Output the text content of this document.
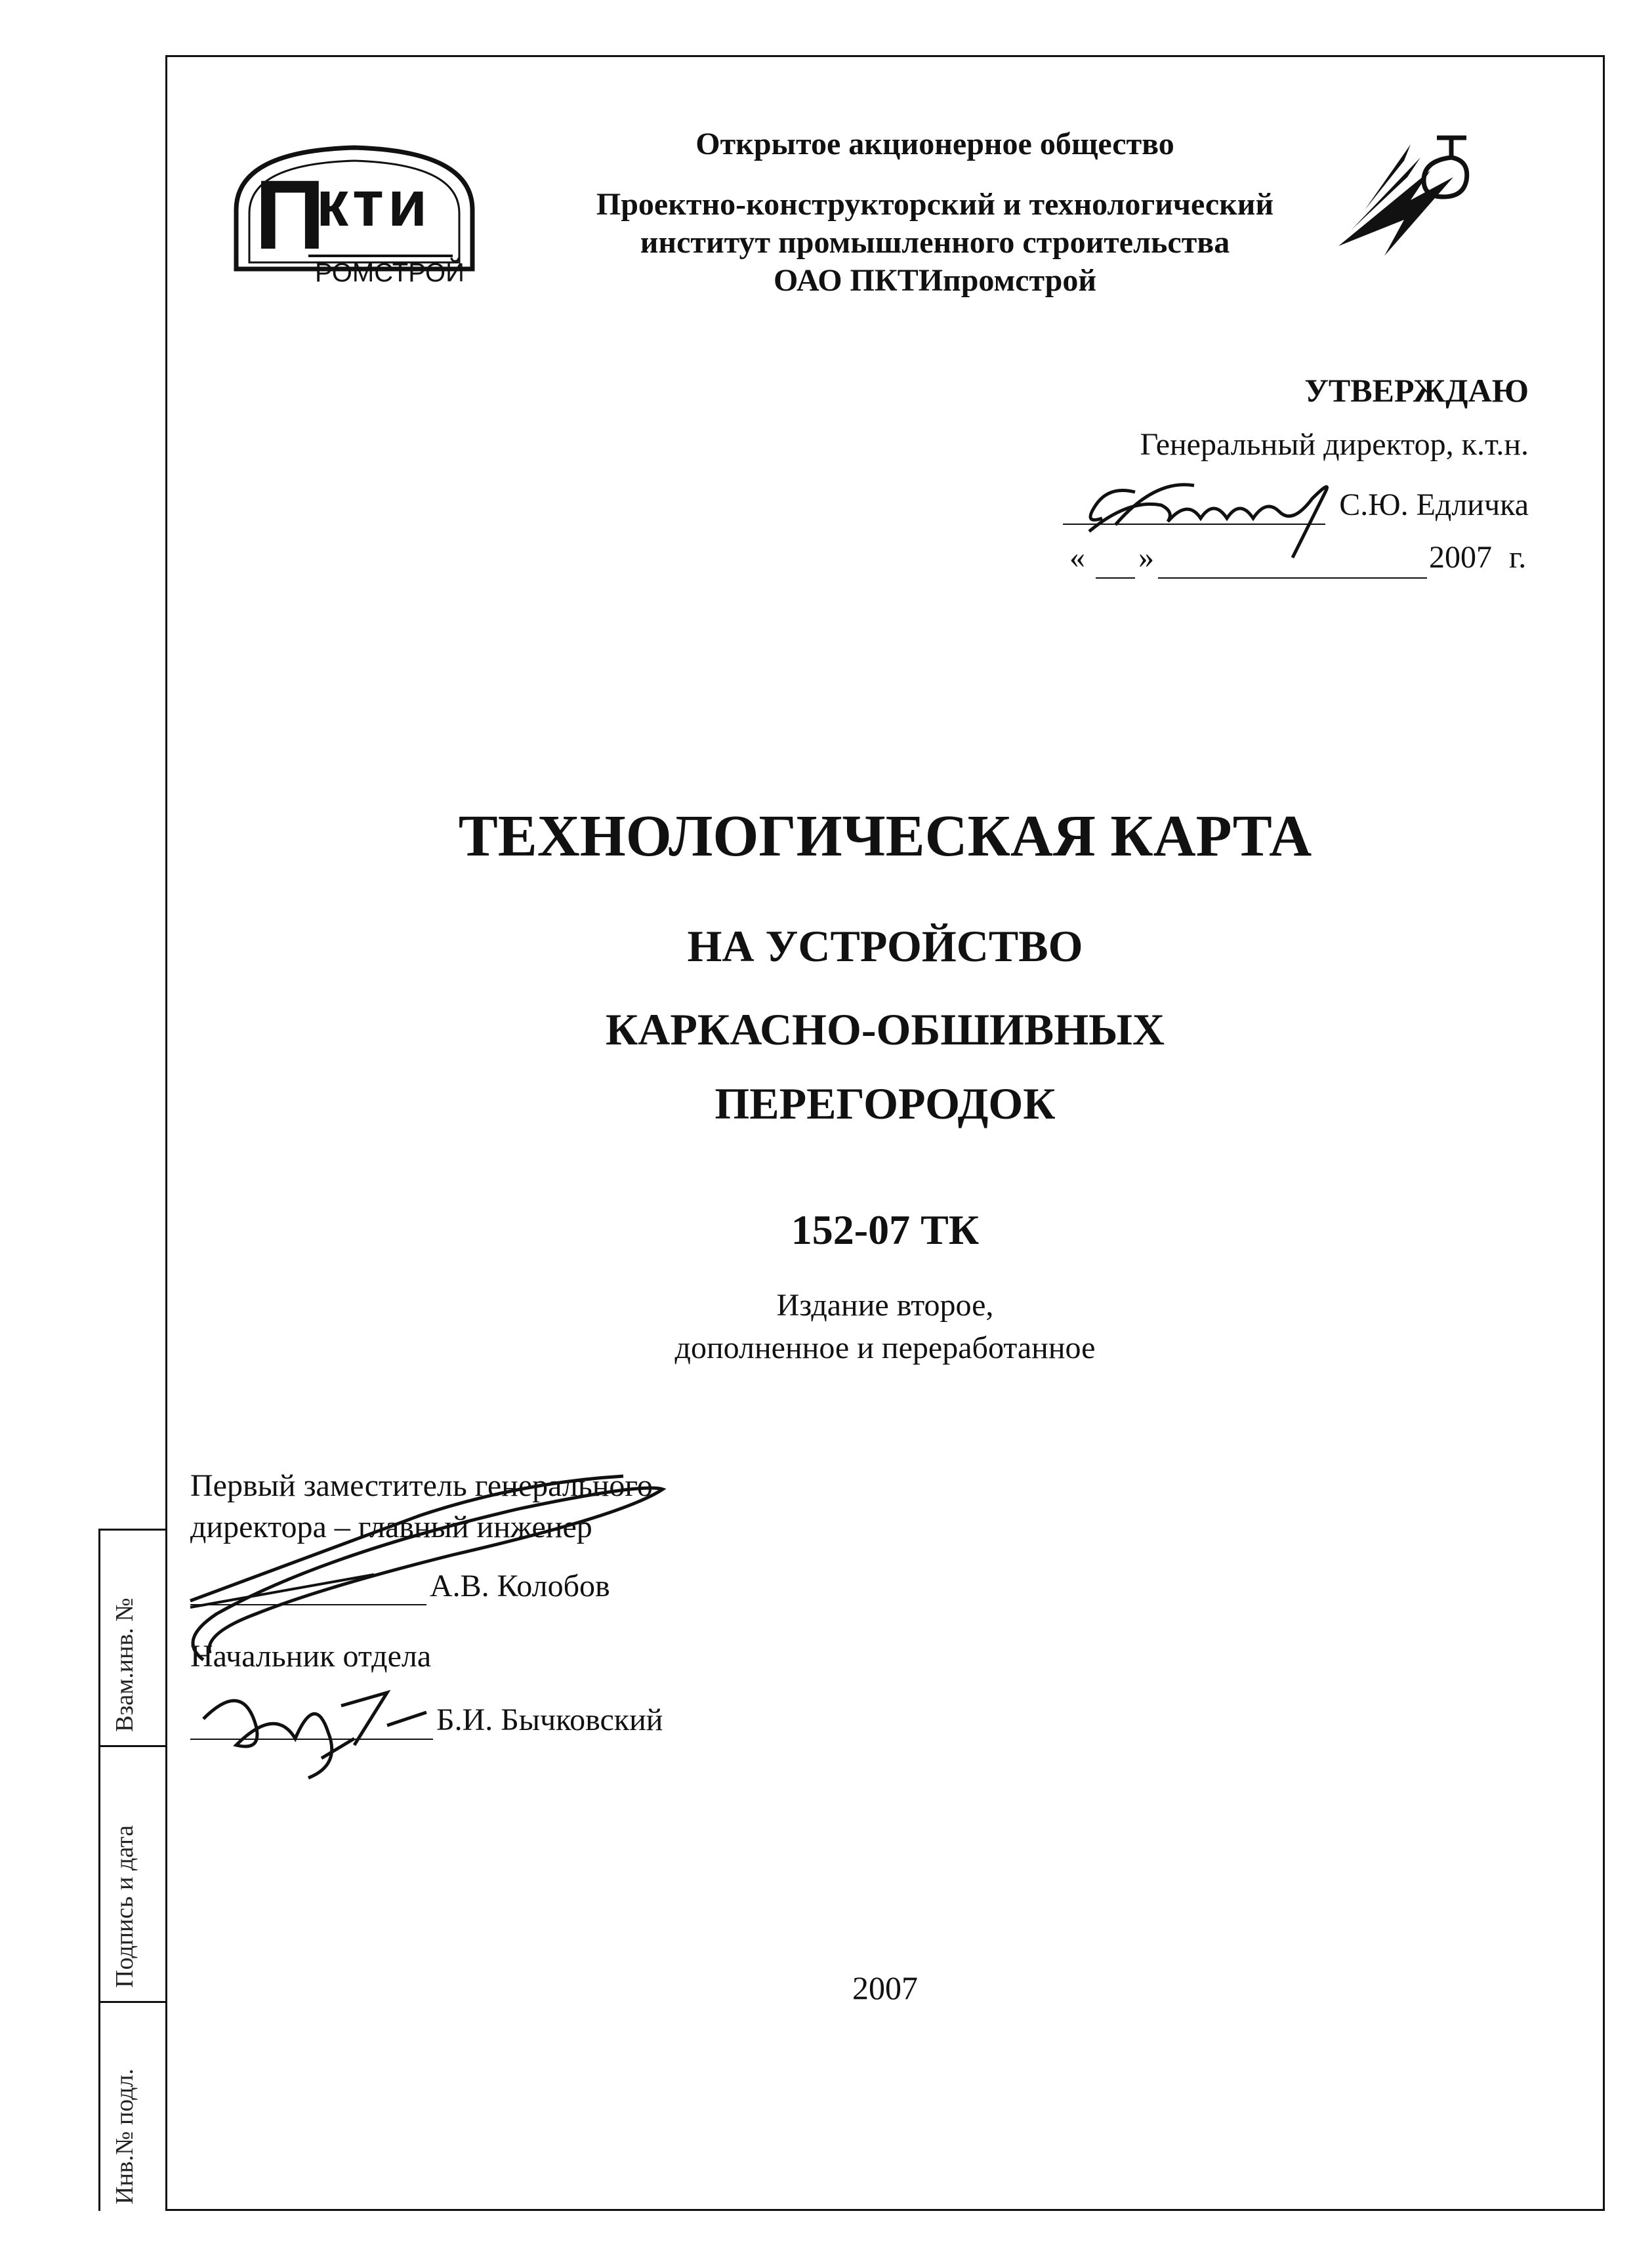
Взам.инв. №
Подпись и дата
Инв.№ подл.
П
кти
РОМСТРОЙ
Открытое акционерное общество
Проектно-конструкторский и технологический
институт промышленного строительства
ОАО ПКТИпромстрой
УТВЕРЖДАЮ
Генеральный директор, к.т.н.
С.Ю. Едличка
« »	2007 г.
ТЕХНОЛОГИЧЕСКАЯ КАРТА
НА УСТРОЙСТВО
КАРКАСНО-ОБШИВНЫХ
ПЕРЕГОРОДОК
152-07 ТК
Издание второе,
дополненное и переработанное
Первый заместитель генерального
директора – главный инженер
А.В. Колобов
Начальник отдела
Б.И. Бычковский
2007
